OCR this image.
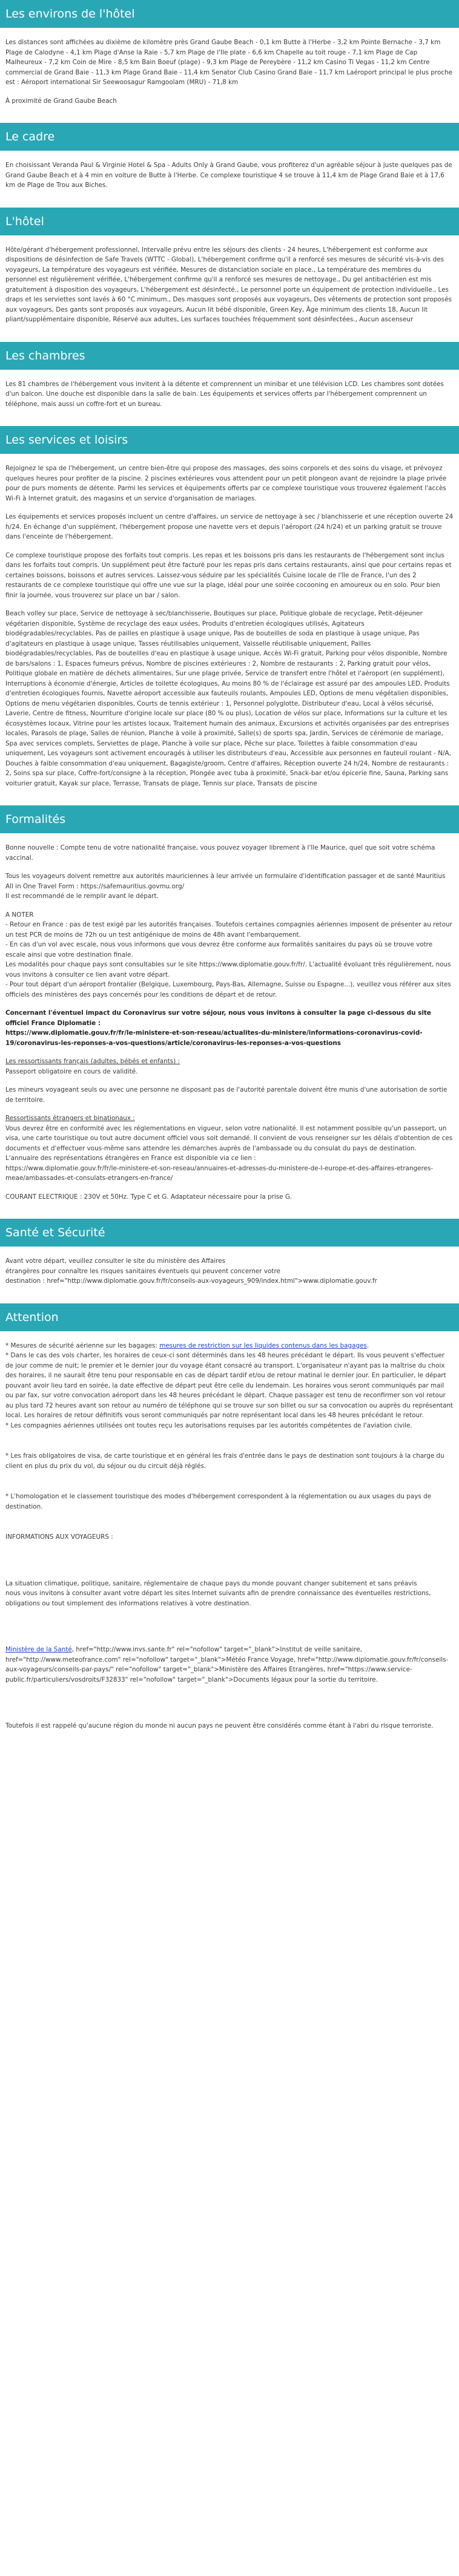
Les environs de l'hôtel

Les distances sont affichées au dixième de kilomètre près Grand Gaube Beach - 0,1 km Butte à l'Herbe - 3,2 km Pointe Bernache - 3,7 km Plage de Calodyne - 4,1 km Plage d'Anse la Raie - 5,7 km Plage de l'Ile plate - 6,6 km Chapelle au toit rouge - 7,1 km Plage de Cap Malheureux - 7,2 km Coin de Mire - 8,5 km Bain Boeuf (plage) - 9,3 km Plage de Pereybère - 11,2 km Casino Ti Vegas - 11,2 km Centre commercial de Grand Baie - 11,3 km Plage Grand Baie - 11,4 km Senator Club Casino Grand Baie - 11,7 km Laéroport principal le plus proche est : Aéroport international Sir Seewoosagur Ramgoolam (MRU) - 71,8 km

À proximité de Grand Gaube Beach

Le cadre

En choisissant Veranda Paul & Virginie Hotel & Spa - Adults Only à Grand Gaube, vous profiterez d'un agréable séjour à juste quelques pas de Grand Gaube Beach et à 4 min en voiture de Butte à l'Herbe. Ce complexe touristique 4 se trouve à 11,4 km de Plage Grand Baie et à 17,6 km de Plage de Trou aux Biches.

L'hôtel

Hôte/gérant d'hébergement professionnel, Intervalle prévu entre les séjours des clients - 24 heures, L'hébergement est conforme aux dispositions de désinfection de Safe Travels (WTTC - Global), L'hébergement confirme qu'il a renforcé ses mesures de sécurité vis-à-vis des voyageurs, La température des voyageurs est vérifiée, Mesures de distanciation sociale en place., La température des membres du personnel est régulièrement vérifiée, L'hébergement confirme qu'il a renforcé ses mesures de nettoyage., Du gel antibactérien est mis gratuitement à disposition des voyageurs, L'hébergement est désinfecté., Le personnel porte un équipement de protection individuelle., Les draps et les serviettes sont lavés à 60 °C minimum., Des masques sont proposés aux voyageurs, Des vêtements de protection sont proposés aux voyageurs, Des gants sont proposés aux voyageurs, Aucun lit bébé disponible, Green Key, Âge minimum des clients 18, Aucun lit pliant/supplémentaire disponible, Réservé aux adultes, Les surfaces touchées fréquemment sont désinfectées., Aucun ascenseur

Les chambres

Les 81 chambres de l'hébergement vous invitent à la détente et comprennent un minibar et une télévision LCD. Les chambres sont dotées d'un balcon. Une douche est disponible dans la salle de bain. Les équipements et services offerts par l'hébergement comprennent un téléphone, mais aussi un coffre-fort et un bureau.

Les services et loisirs

Rejoignez le spa de l'hébergement, un centre bien-être qui propose des massages, des soins corporels et des soins du visage, et prévoyez quelques heures pour profiter de la piscine. 2 piscines extérieures vous attendent pour un petit plongeon avant de rejoindre la plage privée pour de purs moments de détente. Parmi les services et équipements offerts par ce complexe touristique vous trouverez également l'accès Wi-Fi à Internet gratuit, des magasins et un service d'organisation de mariages.

Les équipements et services proposés incluent un centre d'affaires, un service de nettoyage à sec / blanchisserie et une réception ouverte 24 h/24. En échange d'un supplément, l'hébergement propose une navette vers et depuis l'aéroport (24 h/24) et un parking gratuit se trouve dans l'enceinte de l'hébergement.

Ce complexe touristique propose des forfaits tout compris. Les repas et les boissons pris dans les restaurants de l'hébergement sont inclus dans les forfaits tout compris. Un supplément peut être facturé pour les repas pris dans certains restaurants, ainsi que pour certains repas et certaines boissons, boissons et autres services. Laissez-vous séduire par les spécialités Cuisine locale de l'île de France, l'un des 2 restaurants de ce complexe touristique qui offre une vue sur la plage, idéal pour une soirée cocooning en amoureux ou en solo. Pour bien finir la journée, vous trouverez sur place un bar / salon.

Beach volley sur place, Service de nettoyage à sec/blanchisserie, Boutiques sur place, Politique globale de recyclage, Petit-déjeuner végétarien disponible, Système de recyclage des eaux usées, Produits d'entretien écologiques utilisés, Agitateurs biodégradables/recyclables, Pas de pailles en plastique à usage unique, Pas de bouteilles de soda en plastique à usage unique, Pas d'agitateurs en plastique à usage unique, Tasses réutilisables uniquement, Vaisselle réutilisable uniquement, Pailles biodégradables/recyclables, Pas de bouteilles d'eau en plastique à usage unique, Accès Wi-Fi gratuit, Parking pour vélos disponible, Nombre de bars/salons : 1, Espaces fumeurs prévus, Nombre de piscines extérieures : 2, Nombre de restaurants : 2, Parking gratuit pour vélos, Politique globale en matière de déchets alimentaires, Sur une plage privée, Service de transfert entre l'hôtel et l'aéroport (en supplément), Interruptions à économie d'énergie, Articles de toilette écologiques, Au moins 80 % de l'éclairage est assuré par des ampoules LED, Produits d'entretien écologiques fournis, Navette aéroport accessible aux fauteuils roulants, Ampoules LED, Options de menu végétalien disponibles, Options de menu végétarien disponibles, Courts de tennis extérieur : 1, Personnel polyglotte, Distributeur d'eau, Local à vélos sécurisé, Laverie, Centre de fitness, Nourriture d'origine locale sur place (80 % ou plus), Location de vélos sur place, Informations sur la culture et les écosystèmes locaux, Vitrine pour les artistes locaux, Traitement humain des animaux, Excursions et activités organisées par des entreprises locales, Parasols de plage, Salles de réunion, Planche à voile à proximité, Salle(s) de sports spa, Jardin, Services de cérémonie de mariage, Spa avec services complets, Serviettes de plage, Planche à voile sur place, Pêche sur place, Toilettes à faible consommation d'eau uniquement, Les voyageurs sont activement encouragés à utiliser les distributeurs d'eau, Accessible aux personnes en fauteuil roulant - N/A, Douches à faible consommation d'eau uniquement, Bagagiste/groom, Centre d'affaires, Réception ouverte 24 h/24, Nombre de restaurants : 2, Soins spa sur place, Coffre-fort/consigne à la réception, Plongée avec tuba à proximité, Snack-bar et/ou épicerie fine, Sauna, Parking sans voiturier gratuit, Kayak sur place, Terrasse, Transats de plage, Tennis sur place, Transats de piscine

Formalités

Bonne nouvelle : Compte tenu de votre nationalité française, vous pouvez voyager librement à l'Ile Maurice, quel que soit votre schéma vaccinal.

Tous les voyageurs doivent remettre aux autorités mauriciennes à leur arrivée un formulaire d'identification passager et de santé Mauritius All in One Travel Form : https://safemauritius.govmu.org/
Il est recommandé de le remplir avant le départ.

A NOTER
- Retour en France : pas de test exigé par les autorités françaises. Toutefois certaines compagnies aériennes imposent de présenter au retour un test PCR de moins de 72h ou un test antigénique de moins de 48h avant l'embarquement.
- En cas d'un vol avec escale, nous vous informons que vous devrez être conforme aux formalités sanitaires du pays où se trouve votre escale ainsi que votre destination finale.
Les modalités pour chaque pays sont consultables sur le site https://www.diplomatie.gouv.fr/fr/. L'actualité évoluant très régulièrement, nous vous invitons à consulter ce lien avant votre départ.
- Pour tout départ d'un aéroport frontalier (Belgique, Luxembourg, Pays-Bas, Allemagne, Suisse ou Espagne...), veuillez vous référer aux sites officiels des ministères des pays concernés pour les conditions de départ et de retour.

Concernant l'éventuel impact du Coronavirus sur votre séjour, nous vous invitons à consulter la page ci-dessous du site officiel France Diplomatie :
https://www.diplomatie.gouv.fr/fr/le-ministere-et-son-reseau/actualites-du-ministere/informations-coronavirus-covid-19/coronavirus-les-reponses-a-vos-questions/article/coronavirus-les-reponses-a-vos-questions

Les ressortissants français (adultes, bébés et enfants) :
Passeport obligatoire en cours de validité.

Les mineurs voyageant seuls ou avec une personne ne disposant pas de l'autorité parentale doivent être munis d'une autorisation de sortie de territoire.

Ressortissants étrangers et binationaux :
Vous devrez être en conformité avec les réglementations en vigueur, selon votre nationalité. Il est notamment possible qu'un passeport, un visa, une carte touristique ou tout autre document officiel vous soit demandé. Il convient de vous renseigner sur les délais d'obtention de ces documents et d'effectuer vous-même sans attendre les démarches auprès de l'ambassade ou du consulat du pays de destination.
L'annuaire des représentations étrangères en France est disponible via ce lien :
https://www.diplomatie.gouv.fr/fr/le-ministere-et-son-reseau/annuaires-et-adresses-du-ministere-de-l-europe-et-des-affaires-etrangeres-meae/ambassades-et-consulats-etrangers-en-france/

COURANT ELECTRIQUE : 230V et 50Hz. Type C et G. Adaptateur nécessaire pour la prise G.

Santé et Sécurité

Avant votre départ, veuillez consulter le site du ministère des Affaires
étrangères pour connaître les risques sanitaires éventuels qui peuvent concerner votre
destination : href="http://www.diplomatie.gouv.fr/fr/conseils-aux-voyageurs_909/index.html">www.diplomatie.gouv.fr

Attention

* Mesures de sécurité aérienne sur les bagages: mesures de restriction sur les liquides contenus dans les bagages.
* Dans le cas des vols charter, les horaires de ceux-ci sont déterminés dans les 48 heures précédant le départ. Ils vous peuvent s'effectuer de jour comme de nuit; le premier et le dernier jour du voyage étant consacré au transport. L'organisateur n'ayant pas la maîtrise du choix des horaires, il ne saurait être tenu pour responsable en cas de départ tardif et/ou de retour matinal le dernier jour. En particulier, le départ pouvant avoir lieu tard en soirée, la date effective de départ peut être celle du lendemain. Les horaires vous seront communiqués par mail ou par fax, sur votre convocation aéroport dans les 48 heures précédant le départ. Chaque passager est tenu de reconfirmer son vol retour au plus tard 72 heures avant son retour au numéro de téléphone qui se trouve sur son billet ou sur sa convocation ou auprès du représentant local. Les horaires de retour définitifs vous seront communiqués par notre représentant local dans les 48 heures précédant le retour.
* Les compagnies aériennes utilisées ont toutes reçu les autorisations requises par les autorités compétentes de l'aviation civile.

* Les frais obligatoires de visa, de carte touristique et en général les frais d'entrée dans le pays de destination sont toujours à la charge du client en plus du prix du vol, du séjour ou du circuit déjà réglés.

* L'homologation et le classement touristique des modes d'hébergement correspondent à la réglementation ou aux usages du pays de destination.

INFORMATIONS AUX VOYAGEURS :

La situation climatique, politique, sanitaire, réglementaire de chaque pays du monde pouvant changer subitement et sans préavis
nous vous invitons à consulter avant votre départ les sites Internet suivants afin de prendre connaissance des éventuelles restrictions, obligations ou tout simplement des informations relatives à votre destination.

Ministère de la Santé, href="http://www.invs.sante.fr" rel="nofollow" target="_blank">Institut de veille sanitaire, href="http://www.meteofrance.com" rel="nofollow" target="_blank">Météo France Voyage, href="http://www.diplomatie.gouv.fr/fr/conseils-aux-voyageurs/conseils-par-pays/" rel="nofollow" target="_blank">Ministère des Affaires Etrangères, href="https://www.service-public.fr/particuliers/vosdroits/F32833" rel="nofollow" target="_blank">Documents légaux pour la sortie du territoire.

Toutefois il est rappelé qu'aucune région du monde ni aucun pays ne peuvent être considérés comme étant à l'abri du risque terroriste.
